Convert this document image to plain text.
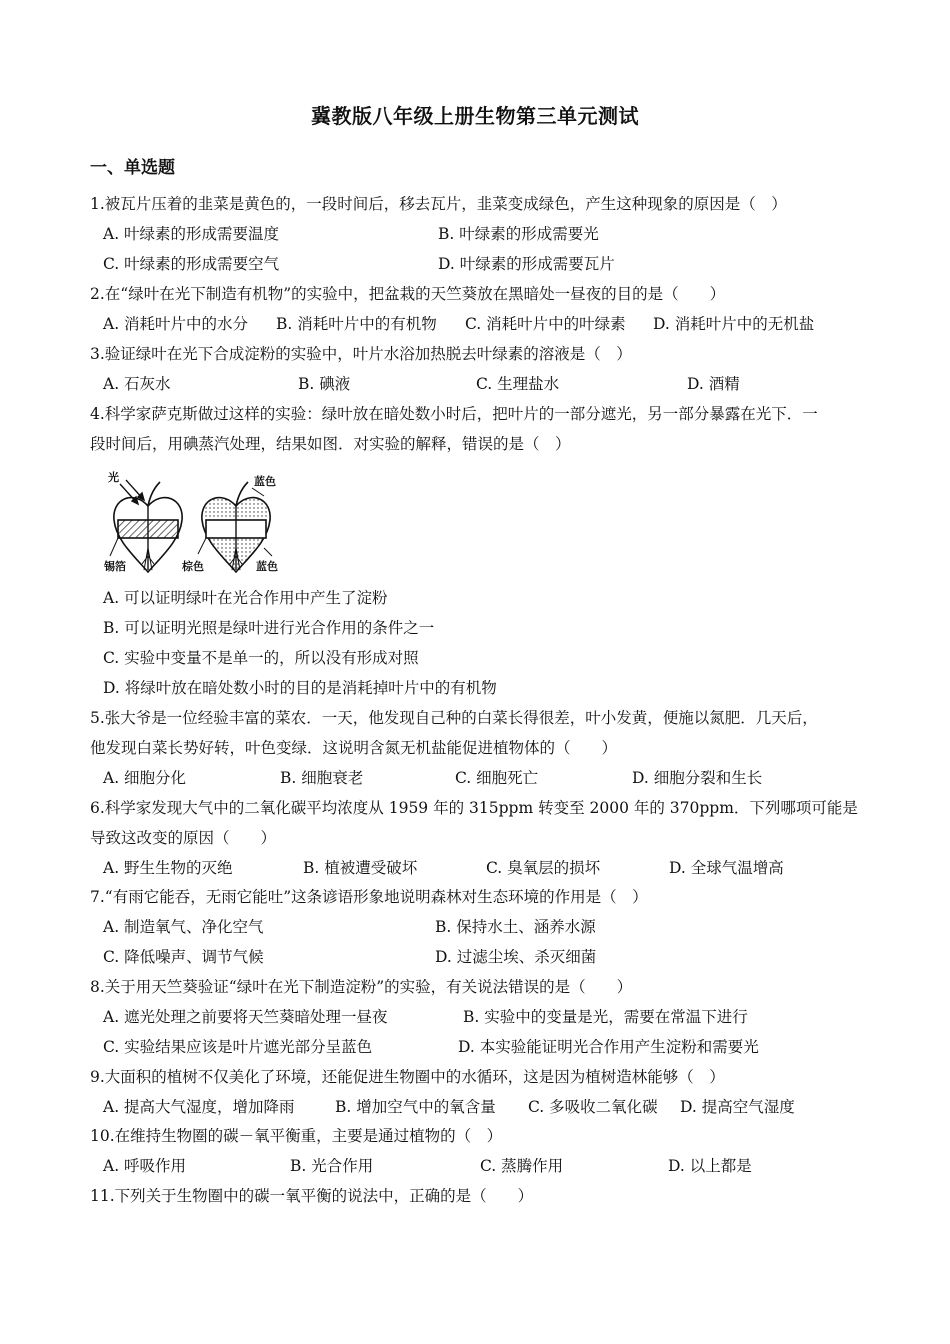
冀教版八年级上册生物第三单元测试
一、单选题
1.被瓦片压着的韭菜是黄色的，一段时间后，移去瓦片，韭菜变成绿色，产生这种现象的原因是（　）
A. 叶绿素的形成需要温度	B. 叶绿素的形成需要光
C. 叶绿素的形成需要空气	D. 叶绿素的形成需要瓦片
2.在“绿叶在光下制造有机物”的实验中，把盆栽的天竺葵放在黑暗处一昼夜的目的是（　　）
A. 消耗叶片中的水分 B. 消耗叶片中的有机物 C. 消耗叶片中的叶绿素 D. 消耗叶片中的无机盐
3.验证绿叶在光下合成淀粉的实验中，叶片水浴加热脱去叶绿素的溶液是（　）
A. 石灰水	B. 碘液	C. 生理盐水	D. 酒精
4.科学家萨克斯做过这样的实验：绿叶放在暗处数小时后，把叶片的一部分遮光，另一部分暴露在光下．一
段时间后，用碘蒸汽处理，结果如图．对实验的解释，错误的是（　）
光
锡箔
蓝色
棕色	蓝色
A. 可以证明绿叶在光合作用中产生了淀粉
B. 可以证明光照是绿叶进行光合作用的条件之一
C. 实验中变量不是单一的，所以没有形成对照
D. 将绿叶放在暗处数小时的目的是消耗掉叶片中的有机物
5.张大爷是一位经验丰富的菜农．一天，他发现自己种的白菜长得很差，叶小发黄，便施以氮肥．几天后，
他发现白菜长势好转，叶色变绿．这说明含氮无机盐能促进植物体的（　　）
A. 细胞分化	B. 细胞衰老	C. 细胞死亡	D. 细胞分裂和生长
6.科学家发现大气中的二氧化碳平均浓度从 1959 年的 315ppm 转变至 2000 年的 370ppm．下列哪项可能是
导致这改变的原因（　　）
A. 野生生物的灭绝	B. 植被遭受破坏	C. 臭氧层的损坏	D. 全球气温增高
7.“有雨它能吞，无雨它能吐”这条谚语形象地说明森林对生态环境的作用是（　）
A. 制造氧气、净化空气	B. 保持水土、涵养水源
C. 降低噪声、调节气候	D. 过滤尘埃、杀灭细菌
8.关于用天竺葵验证“绿叶在光下制造淀粉”的实验，有关说法错误的是（　　）
A. 遮光处理之前要将天竺葵暗处理一昼夜	B. 实验中的变量是光，需要在常温下进行
C. 实验结果应该是叶片遮光部分呈蓝色	D. 本实验能证明光合作用产生淀粉和需要光
9.大面积的植树不仅美化了环境，还能促进生物圈中的水循环，这是因为植树造林能够（　）
A. 提高大气湿度，增加降雨	B. 增加空气中的氧含量 C. 多吸收二氧化碳 D. 提高空气湿度
10.在维持生物圈的碳－氧平衡重，主要是通过植物的（　）
A. 呼吸作用	B. 光合作用	C. 蒸腾作用	D. 以上都是
11.下列关于生物圈中的碳一氧平衡的说法中，正确的是（　　）
